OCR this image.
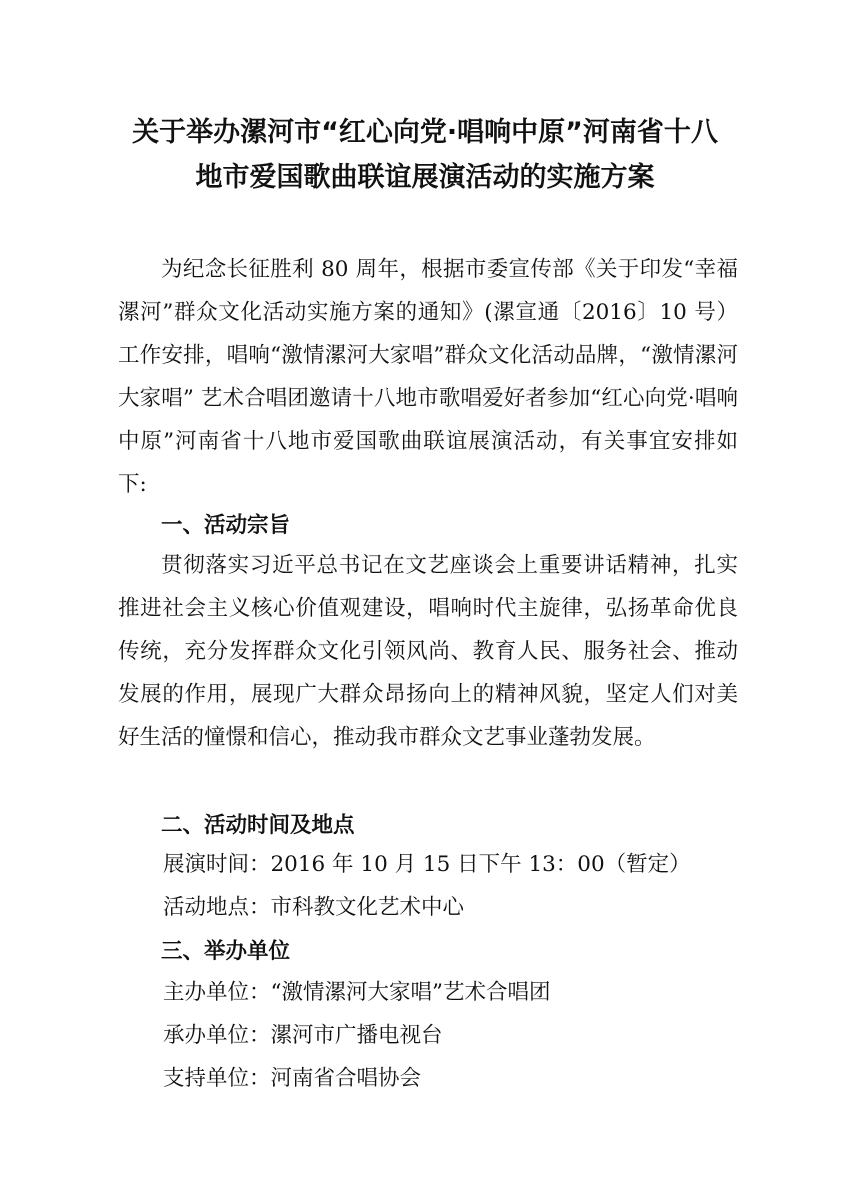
关于举办漯河市“红心向党·唱响中原”河南省十八
地市爱国歌曲联谊展演活动的实施方案

为纪念长征胜利 80 周年，根据市委宣传部《关于印发“幸福漯河”群众文化活动实施方案的通知》(漯宣通〔2016〕10 号）工作安排，唱响“激情漯河大家唱”群众文化活动品牌，“激情漯河大家唱” 艺术合唱团邀请十八地市歌唱爱好者参加“红心向党·唱响中原”河南省十八地市爱国歌曲联谊展演活动，有关事宜安排如下:

一、活动宗旨

贯彻落实习近平总书记在文艺座谈会上重要讲话精神，扎实推进社会主义核心价值观建设，唱响时代主旋律，弘扬革命优良传统，充分发挥群众文化引领风尚、教育人民、服务社会、推动发展的作用，展现广大群众昂扬向上的精神风貌，坚定人们对美好生活的憧憬和信心，推动我市群众文艺事业蓬勃发展。

二、活动时间及地点
展演时间：2016 年 10 月 15 日下午 13：00（暂定）
活动地点：市科教文化艺术中心
三、举办单位
主办单位：“激情漯河大家唱”艺术合唱团
承办单位：漯河市广播电视台
支持单位：河南省合唱协会
